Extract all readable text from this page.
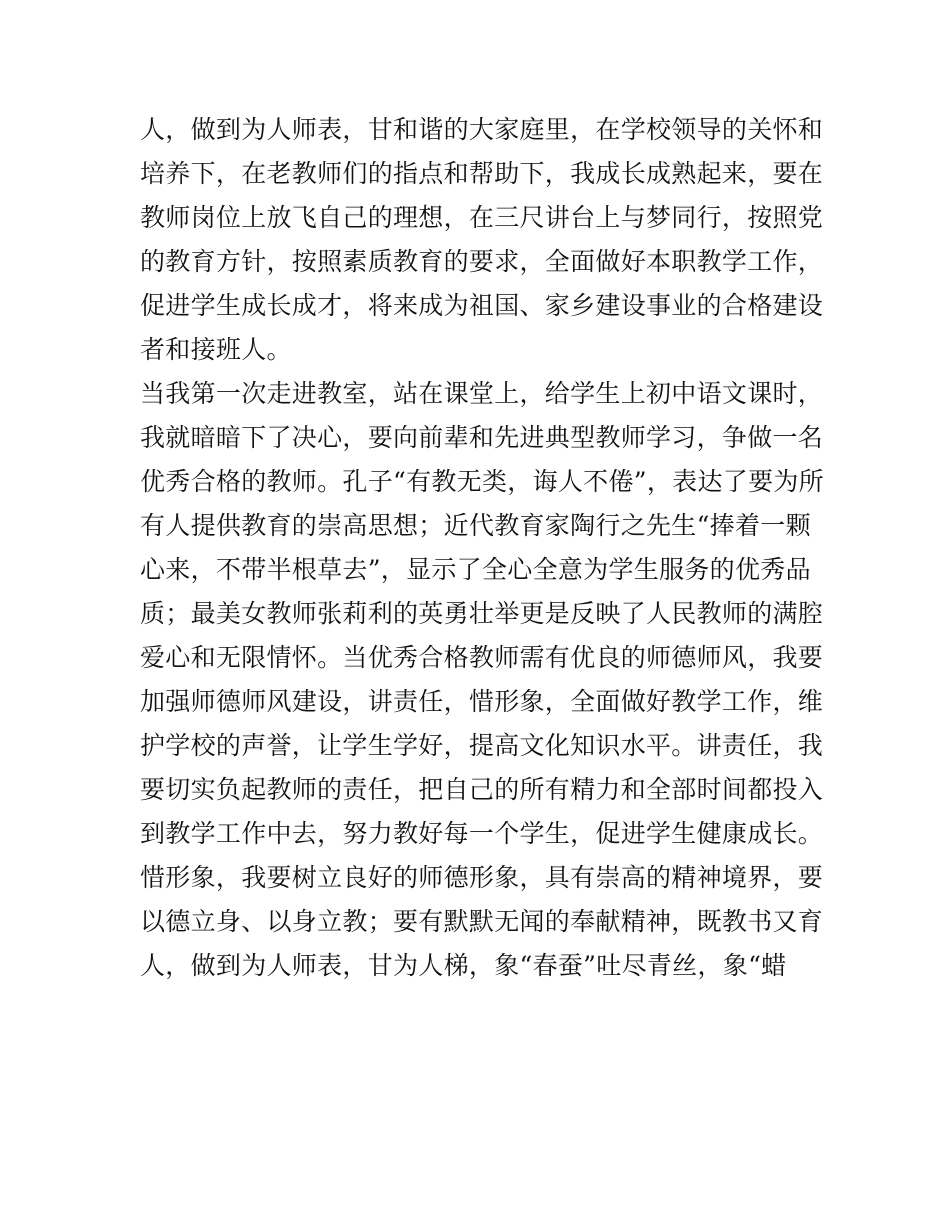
人，做到为人师表，甘和谐的大家庭里，在学校领导的关怀和
培养下，在老教师们的指点和帮助下，我成长成熟起来，要在
教师岗位上放飞自己的理想，在三尺讲台上与梦同行，按照党
的教育方针，按照素质教育的要求，全面做好本职教学工作，
促进学生成长成才，将来成为祖国、家乡建设事业的合格建设
者和接班人。
当我第一次走进教室，站在课堂上，给学生上初中语文课时，
我就暗暗下了决心，要向前辈和先进典型教师学习，争做一名
优秀合格的教师。孔子“有教无类，诲人不倦”，表达了要为所
有人提供教育的崇高思想；近代教育家陶行之先生“捧着一颗
心来，不带半根草去”，显示了全心全意为学生服务的优秀品
质；最美女教师张莉利的英勇壮举更是反映了人民教师的满腔
爱心和无限情怀。当优秀合格教师需有优良的师德师风，我要
加强师德师风建设，讲责任，惜形象，全面做好教学工作，维
护学校的声誉，让学生学好，提高文化知识水平。讲责任，我
要切实负起教师的责任，把自己的所有精力和全部时间都投入
到教学工作中去，努力教好每一个学生，促进学生健康成长。
惜形象，我要树立良好的师德形象，具有崇高的精神境界，要
以德立身、以身立教；要有默默无闻的奉献精神，既教书又育
人，做到为人师表，甘为人梯，象“春蚕”吐尽青丝，象“蜡
